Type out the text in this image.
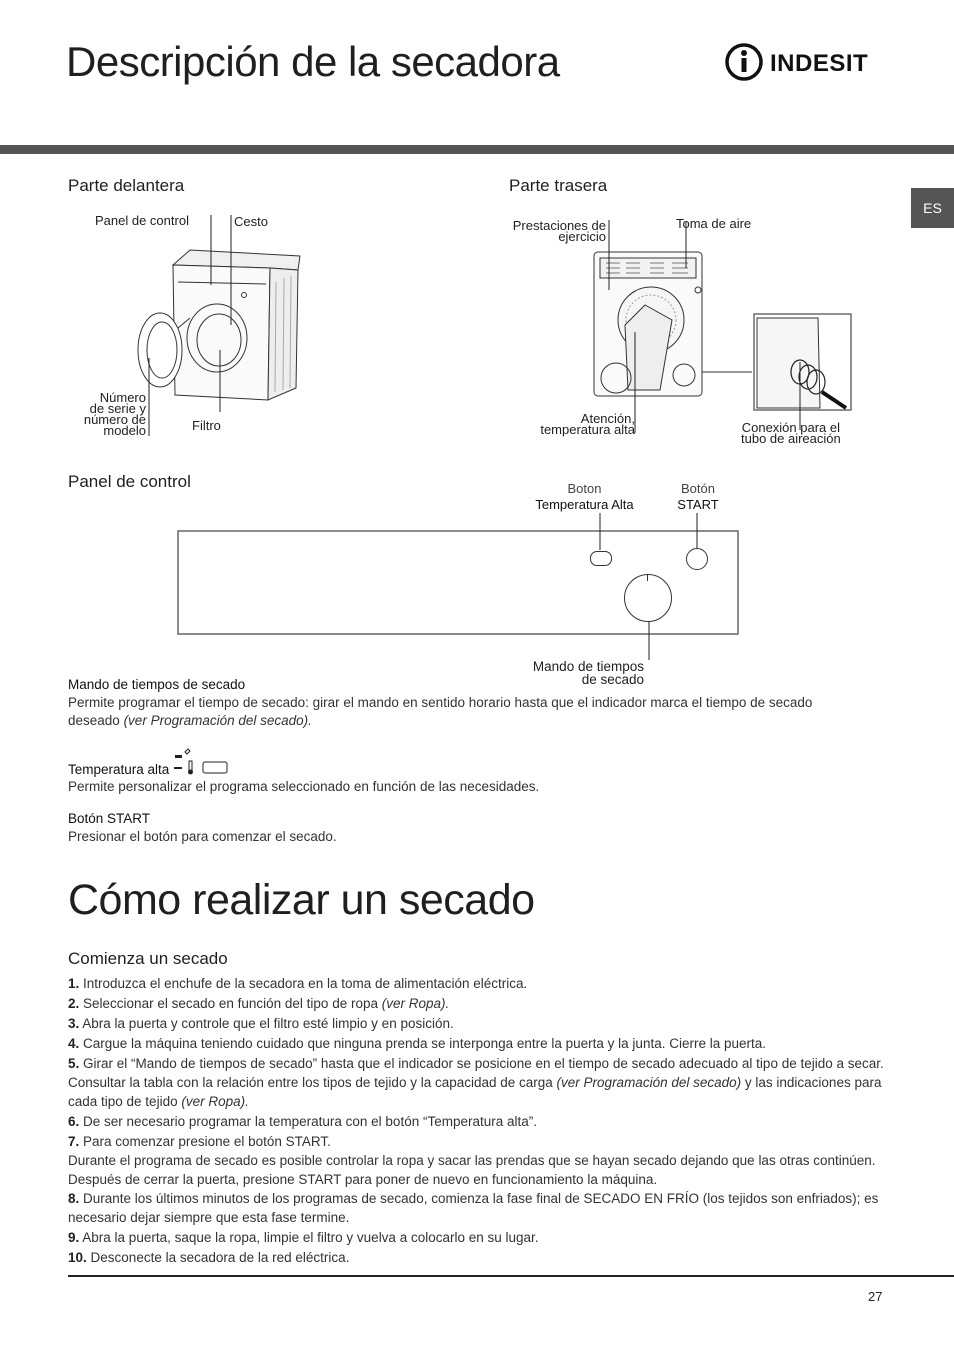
Descripción de la secadora	INDESIT
ES
Parte delantera
Panel de control	Cesto
Número
de serie y
número de
modelo	Filtro
Parte trasera
Prestaciones de
ejercicio
Toma de aire
Atención,
temperatura alta	Conexión para el
tubo de aireación
Panel de control	Boton
Temperatura Alta
Botón
START
Mando de tiempos
de secado
Mando de tiempos de secado
Permite programar el tiempo de secado: girar el mando en sentido horario hasta que el indicador marca el tiempo de secado deseado (ver Programación del secado).
Temperatura alta
Permite personalizar el programa seleccionado en función de las necesidades.
Botón START
Presionar el botón para comenzar el secado.
Cómo realizar un secado
Comienza un secado
1. Introduzca el enchufe de la secadora en la toma de alimentación eléctrica.
2. Seleccionar el secado en función del tipo de ropa (ver Ropa).
3. Abra la puerta y controle que el filtro esté limpio y en posición.
4. Cargue la máquina teniendo cuidado que ninguna prenda se interponga entre la puerta y la junta. Cierre la puerta.
5. Girar el “Mando de tiempos de secado” hasta que el indicador se posicione en el tiempo de secado adecuado al tipo de tejido a secar. Consultar la tabla con la relación entre los tipos de tejido y la capacidad de carga (ver Programación del secado) y las indicaciones para cada tipo de tejido (ver Ropa).
6. De ser necesario programar la temperatura con el botón “Temperatura alta”.
7. Para comenzar presione el botón START.
Durante el programa de secado es posible controlar la ropa y sacar las prendas que se hayan secado dejando que las otras continúen. Después de cerrar la puerta, presione START para poner de nuevo en funcionamiento la máquina.
8. Durante los últimos minutos de los programas de secado, comienza la fase final de SECADO EN FRÍO (los tejidos son enfriados); es necesario dejar siempre que esta fase termine.
9. Abra la puerta, saque la ropa, limpie el filtro y vuelva a colocarlo en su lugar.
10. Desconecte la secadora de la red eléctrica.
27
